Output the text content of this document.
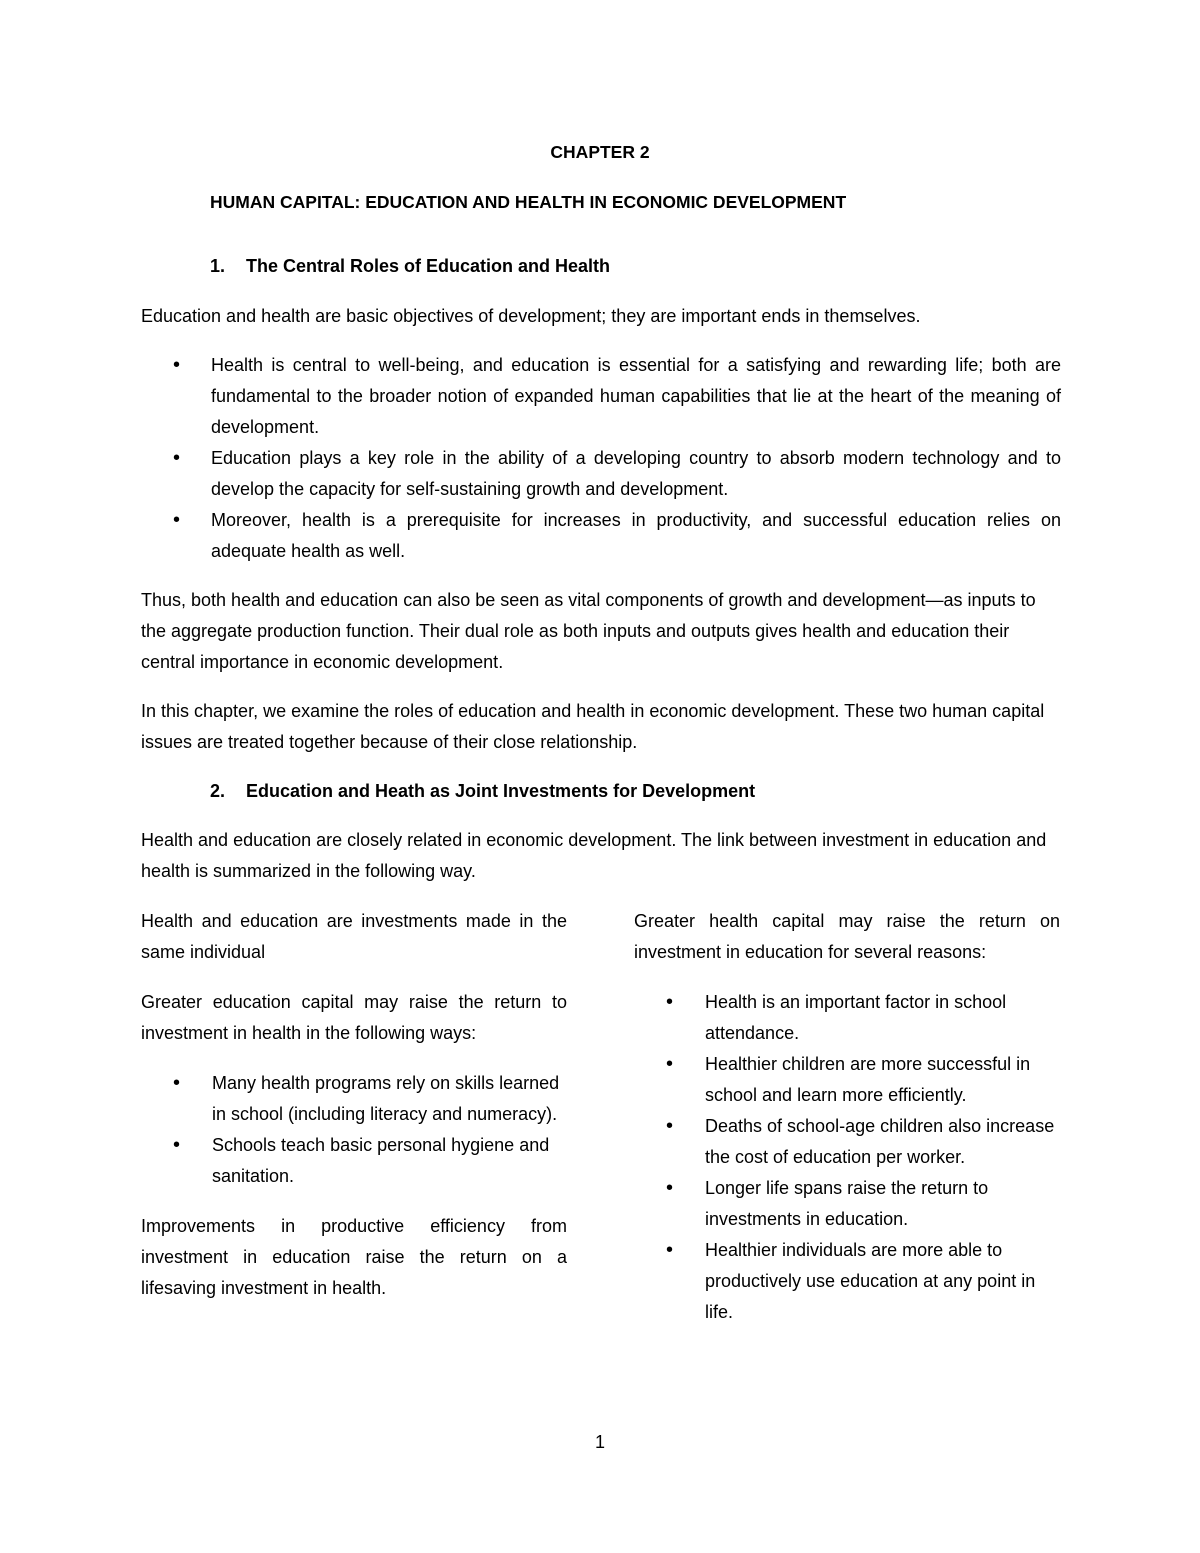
CHAPTER 2
HUMAN CAPITAL: EDUCATION AND HEALTH IN ECONOMIC DEVELOPMENT
1. The Central Roles of Education and Health

Education and health are basic objectives of development; they are important ends in themselves.

• Health is central to well-being, and education is essential for a satisfying and rewarding life; both are fundamental to the broader notion of expanded human capabilities that lie at the heart of the meaning of development.
• Education plays a key role in the ability of a developing country to absorb modern technology and to develop the capacity for self-sustaining growth and development.
• Moreover, health is a prerequisite for increases in productivity, and successful education relies on adequate health as well.

Thus, both health and education can also be seen as vital components of growth and development—as inputs to the aggregate production function. Their dual role as both inputs and outputs gives health and education their central importance in economic development.

In this chapter, we examine the roles of education and health in economic development. These two human capital issues are treated together because of their close relationship.

2. Education and Heath as Joint Investments for Development

Health and education are closely related in economic development. The link between investment in education and health is summarized in the following way.

Health and education are investments made in the same individual

Greater education capital may raise the return to investment in health in the following ways:

• Many health programs rely on skills learned in school (including literacy and numeracy).
• Schools teach basic personal hygiene and sanitation.

Improvements in productive efficiency from investment in education raise the return on a lifesaving investment in health.

Greater health capital may raise the return on investment in education for several reasons:

• Health is an important factor in school attendance.
• Healthier children are more successful in school and learn more efficiently.
• Deaths of school-age children also increase the cost of education per worker.
• Longer life spans raise the return to investments in education.
• Healthier individuals are more able to productively use education at any point in life.
1
